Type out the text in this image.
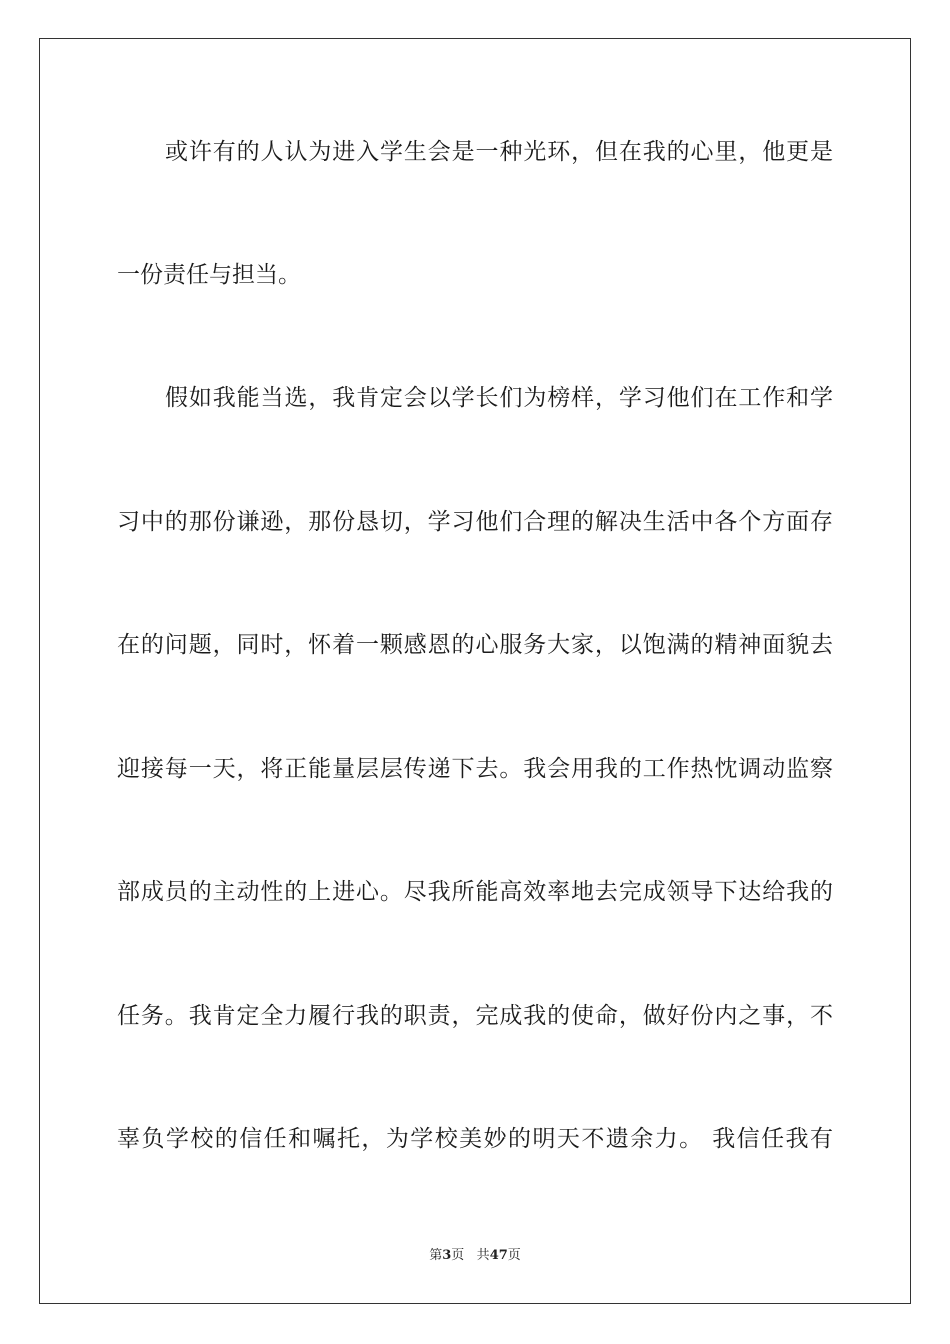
或许有的人认为进入学生会是一种光环，但在我的心里，他更是
一份责任与担当。
假如我能当选，我肯定会以学长们为榜样，学习他们在工作和学
习中的那份谦逊，那份恳切，学习他们合理的解决生活中各个方面存
在的问题，同时，怀着一颗感恩的心服务大家，以饱满的精神面貌去
迎接每一天，将正能量层层传递下去。我会用我的工作热忱调动监察
部成员的主动性的上进心。尽我所能高效率地去完成领导下达给我的
任务。我肯定全力履行我的职责，完成我的使命，做好份内之事，不
辜负学校的信任和嘱托，为学校美妙的明天不遗余力。 我信任我有
第3页 共47页
